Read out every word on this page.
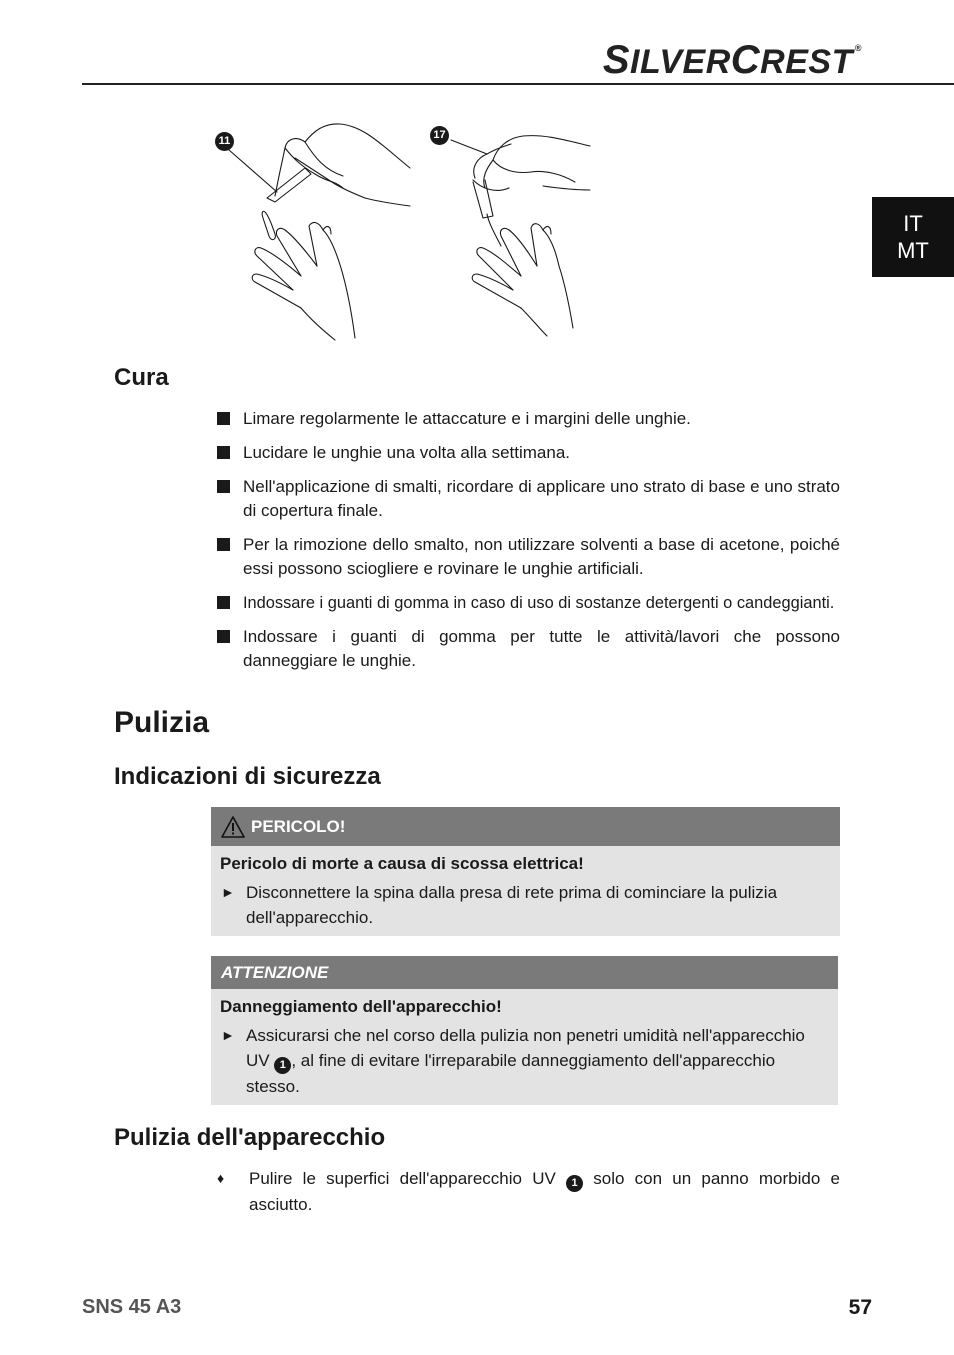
SILVERCREST ®
IT
MT
11	17
Cura
Limare regolarmente le attaccature e i margini delle unghie.
Lucidare le unghie una volta alla settimana.
Nell'applicazione di smalti, ricordare di applicare uno strato di base e uno strato di copertura finale.
Per la rimozione dello smalto, non utilizzare solventi a base di acetone, poiché essi possono sciogliere e rovinare le unghie artificiali.
Indossare i guanti di gomma in caso di uso di sostanze detergenti o candeggianti.
Indossare i guanti di gomma per tutte le attività/lavori che possono danneggiare le unghie.
Pulizia
Indicazioni di sicurezza
PERICOLO!
Pericolo di morte a causa di scossa elettrica!
► Disconnettere la spina dalla presa di rete prima di cominciare la pulizia dell'apparecchio.
ATTENZIONE
Danneggiamento dell'apparecchio!
► Assicurarsi che nel corso della pulizia non penetri umidità nell'apparecchio UV 1 , al fine di evitare l'irreparabile danneggiamento dell'apparecchio stesso.
Pulizia dell'apparecchio
♦	Pulire le superfici dell'apparecchio UV 1 solo con un panno morbido e asciutto.
SNS 45 A3	57
